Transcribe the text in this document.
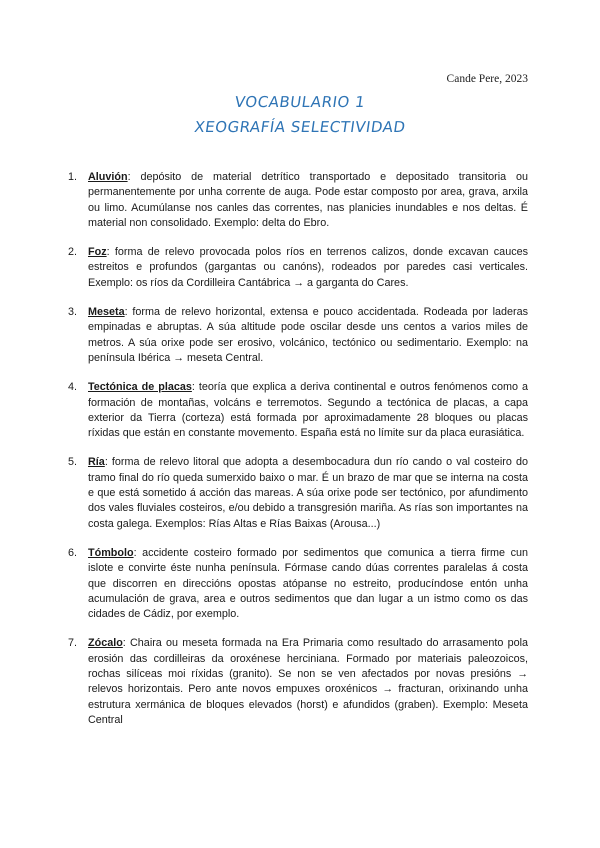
Cande Pere, 2023
VOCABULARIO 1
XEOGRAFÍA SELECTIVIDAD
1. Aluvión: depósito de material detrítico transportado e depositado transitoria ou permanentemente por unha corrente de auga. Pode estar composto por area, grava, arxila ou limo. Acumúlanse nos canles das correntes, nas planicies inundables e nos deltas. É material non consolidado. Exemplo: delta do Ebro.
2. Foz: forma de relevo provocada polos ríos en terrenos calizos, donde excavan cauces estreitos e profundos (gargantas ou canóns), rodeados por paredes casi verticales. Exemplo: os ríos da Cordilleira Cantábrica → a garganta do Cares.
3. Meseta: forma de relevo horizontal, extensa e pouco accidentada. Rodeada por laderas empinadas e abruptas. A súa altitude pode oscilar desde uns centos a varios miles de metros. A súa orixe pode ser erosivo, volcánico, tectónico ou sedimentario. Exemplo: na península Ibérica → meseta Central.
4. Tectónica de placas: teoría que explica a deriva continental e outros fenómenos como a formación de montañas, volcáns e terremotos. Segundo a tectónica de placas, a capa exterior da Tierra (corteza) está formada por aproximadamente 28 bloques ou placas ríxidas que están en constante movemento. España está no límite sur da placa eurasiática.
5. Ría: forma de relevo litoral que adopta a desembocadura dun río cando o val costeiro do tramo final do río queda sumerxido baixo o mar. É un brazo de mar que se interna na costa e que está sometido á acción das mareas. A súa orixe pode ser tectónico, por afundimento dos vales fluviales costeiros, e/ou debido a transgresión mariña. As rías son importantes na costa galega. Exemplos: Rías Altas e Rías Baixas (Arousa...)
6. Tómbolo: accidente costeiro formado por sedimentos que comunica a tierra firme cun islote e convirte éste nunha península. Fórmase cando dúas correntes paralelas á costa que discorren en direccións opostas atópanse no estreito, producíndose entón unha acumulación de grava, area e outros sedimentos que dan lugar a un istmo como os das cidades de Cádiz, por exemplo.
7. Zócalo: Chaira ou meseta formada na Era Primaria como resultado do arrasamento pola erosión das cordilleiras da oroxénese herciniana. Formado por materiais paleozoicos, rochas silíceas moi ríxidas (granito). Se non se ven afectados por novas presións → relevos horizontais. Pero ante novos empuxes oroxénicos → fracturan, orixinando unha estrutura xermánica de bloques elevados (horst) e afundidos (graben). Exemplo: Meseta Central
